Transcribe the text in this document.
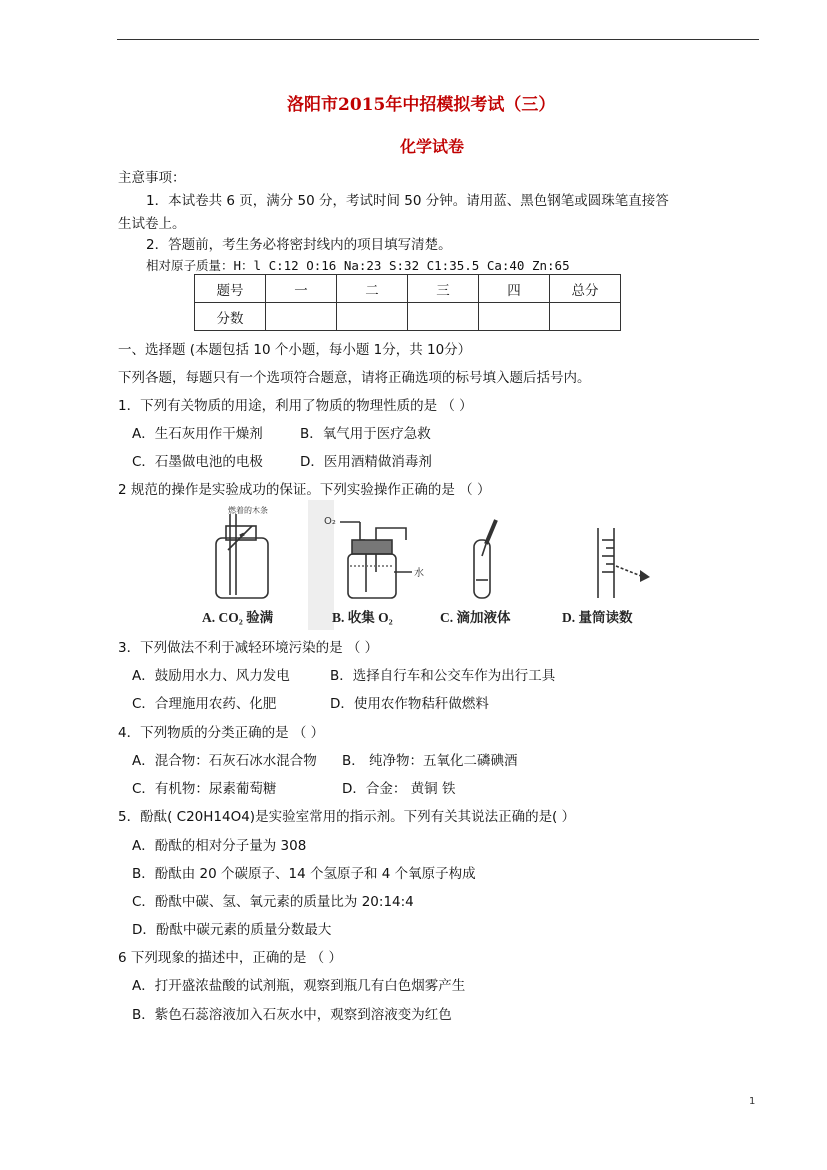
洛阳市2015年中招模拟考试（三）
化学试卷
主意事项：
1．本试卷共 6 页，满分 50 分，考试时间 50 分钟。请用蓝、黑色钢笔或圆珠笔直接答
生试卷上。
2．答题前，考生务必将密封线内的项目填写清楚。
相对原子质量：H：l C:12 O:16 Na:23 S:32 C1:35.5 Ca:40 Zn:65
题号	一	二	三	四	总分
分数					
一、选择题 (本题包括 10 个小题，每小题 1分，共 10分）
下列各题，每题只有一个选项符合题意，请将正确选项的标号填入题后括号内。
1．下列有关物质的用途，利用了物质的物理性质的是 （ ）
A．生石灰用作干燥剂	B．氧气用于医疗急救
C．石墨做电池的电极	D．医用酒精做消毒剂
2 规范的操作是实验成功的保证。下列实验操作正确的是 （ ）
燃着的木条
O₂
水
A. CO₂ 验满	B. 收集 O₂	C. 滴加液体	D. 量筒读数
3．下列做法不利于减轻环境污染的是 （ ）
A．鼓励用水力、风力发电	B．选择自行车和公交车作为出行工具
C．合理施用农药、化肥	D．使用农作物秸秆做燃料
4．下列物质的分类正确的是 （ ）
A．混合物：石灰石冰水混合物 B． 纯净物：五氧化二磷碘酒
C．有机物：尿素葡萄糖	D．合金： 黄铜 铁
5．酚酞( C20H14O4)是实验室常用的指示剂。下列有关其说法正确的是( ）
A．酚酞的相对分子量为 308
B．酚酞由 20 个碳原子、14 个氢原子和 4 个氧原子构成
C．酚酞中碳、氢、氧元素的质量比为 20:14:4
D．酚酞中碳元素的质量分数最大
6 下列现象的描述中，正确的是 （ ）
A．打开盛浓盐酸的试剂瓶，观察到瓶几有白色烟雾产生
B．紫色石蕊溶液加入石灰水中，观察到溶液变为红色
1
